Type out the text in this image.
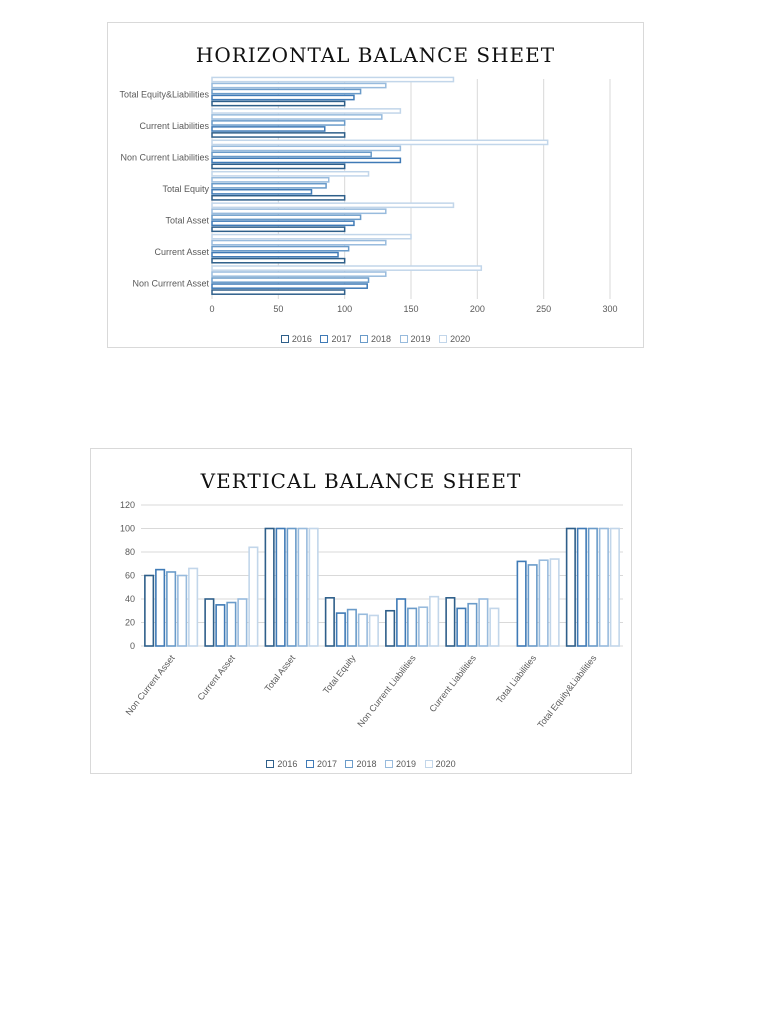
HORIZONTAL BALANCE SHEET
0	50	100	150	200	250	300
Non Currrent Asset
Current Asset
Total Asset
Total Equity
Non Current Liabilities
Current Liabilities
Total Equity&Liabilities
2016 2017 2018 2019 2020
VERTICAL BALANCE SHEET
0
20
40
60
80
100
120
Non Current Asset Current Asset	Total Asset	Total Equity
Non Current Liabilities Current Liabilities Total Liabilities
Total Equity&Liabilities
2016 2017 2018 2019 2020
